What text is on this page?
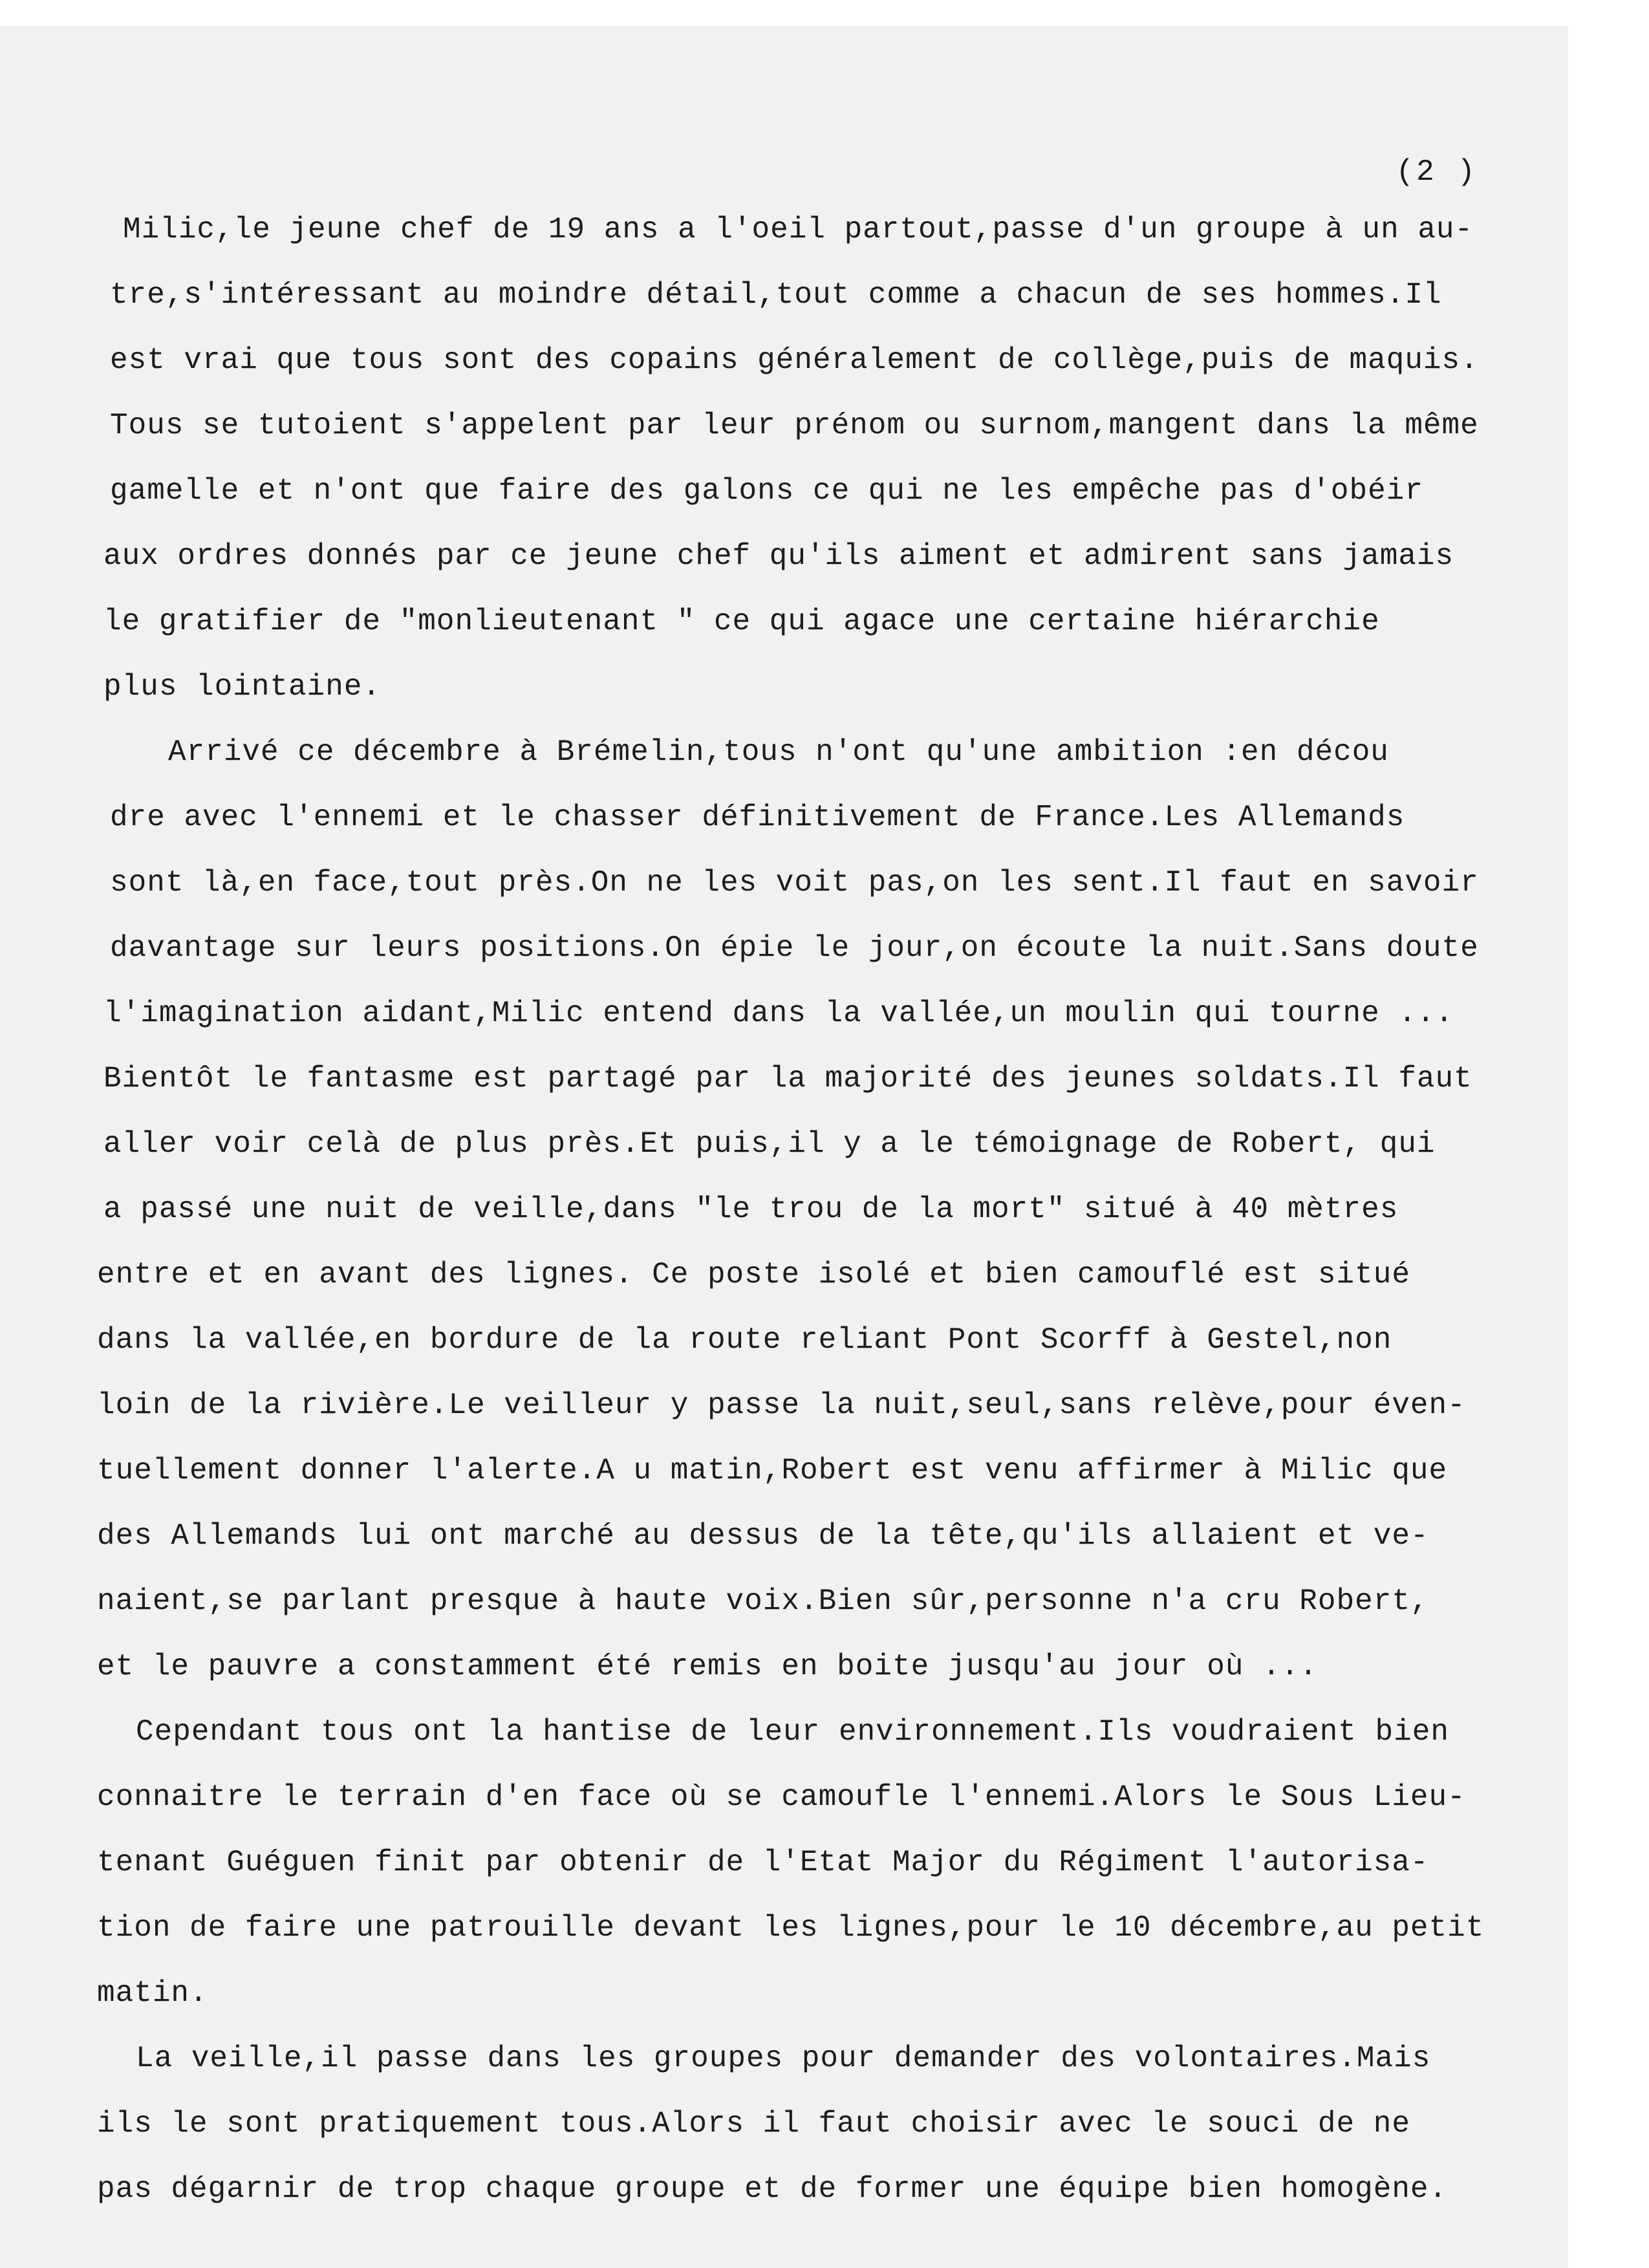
(2 )
Milic,le jeune chef de 19 ans a l'oeil partout,passe d'un groupe à un au-
tre,s'intéressant au moindre détail,tout comme a chacun de ses hommes.Il
est vrai que tous sont des copains généralement de collège,puis de maquis.
Tous se tutoient s'appelent par leur prénom ou surnom,mangent dans la même
gamelle et n'ont que faire des galons ce qui ne les empêche pas d'obéir
aux ordres donnés par ce jeune chef qu'ils aiment et admirent sans jamais
le gratifier de "monlieutenant " ce qui agace une certaine hiérarchie
plus lointaine.
Arrivé ce décembre à Brémelin,tous n'ont qu'une ambition :en décou
dre avec l'ennemi et le chasser définitivement de France.Les Allemands
sont là,en face,tout près.On ne les voit pas,on les sent.Il faut en savoir
davantage sur leurs positions.On épie le jour,on écoute la nuit.Sans doute
l'imagination aidant,Milic entend dans la vallée,un moulin qui tourne ...
Bientôt le fantasme est partagé par la majorité des jeunes soldats.Il faut
aller voir celà de plus près.Et puis,il y a le témoignage de Robert, qui
a passé une nuit de veille,dans "le trou de la mort" situé à 40 mètres
entre et en avant des lignes. Ce poste isolé et bien camouflé est situé
dans la vallée,en bordure de la route reliant Pont Scorff à Gestel,non
loin de la rivière.Le veilleur y passe la nuit,seul,sans relève,pour éven-
tuellement donner l'alerte.A u matin,Robert est venu affirmer à Milic que
des Allemands lui ont marché au dessus de la tête,qu'ils allaient et ve-
naient,se parlant presque à haute voix.Bien sûr,personne n'a cru Robert,
et le pauvre a constamment été remis en boite jusqu'au jour où ...
Cependant tous ont la hantise de leur environnement.Ils voudraient bien
connaitre le terrain d'en face où se camoufle l'ennemi.Alors le Sous Lieu-
tenant Guéguen finit par obtenir de l'Etat Major du Régiment l'autorisa-
tion de faire une patrouille devant les lignes,pour le 10 décembre,au petit
matin.
La veille,il passe dans les groupes pour demander des volontaires.Mais
ils le sont pratiquement tous.Alors il faut choisir avec le souci de ne
pas dégarnir de trop chaque groupe et de former une équipe bien homogène.
